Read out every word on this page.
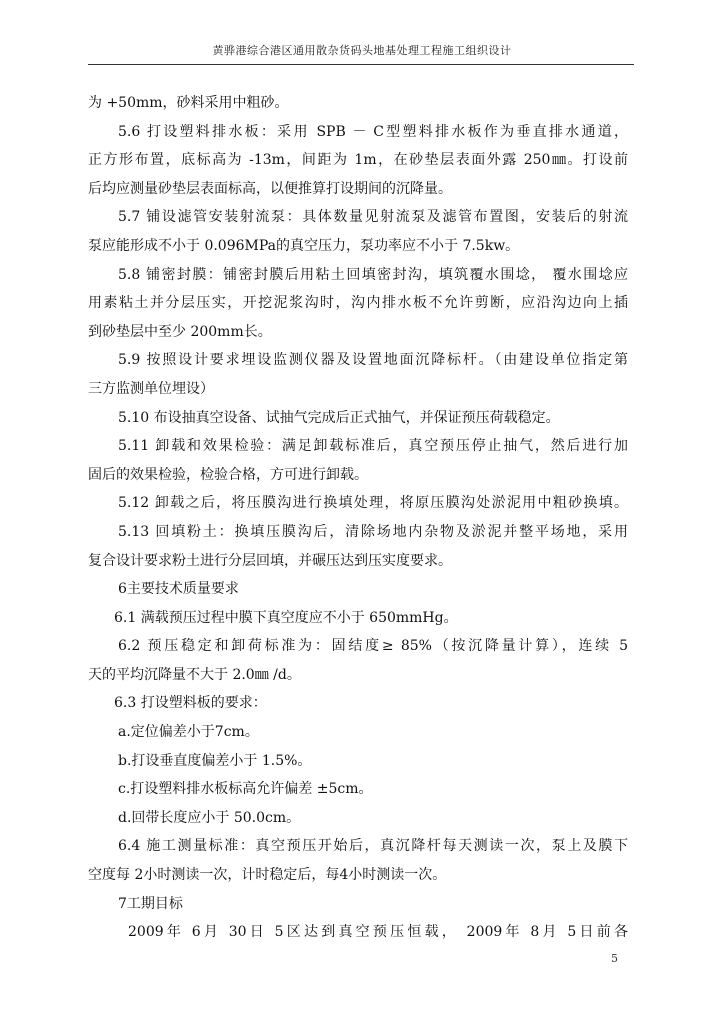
黄骅港综合港区通用散杂货码头地基处理工程施工组织设计
为 +50mm，砂料采用中粗砂。
5.6 打设塑料排水板：采用 SPB － C型塑料排水板作为垂直排水通道，
正方形布置，底标高为 -13m，间距为 1m，在砂垫层表面外露 250㎜。打设前
后均应测量砂垫层表面标高，以便推算打设期间的沉降量。
5.7 铺设滤管安装射流泵：具体数量见射流泵及滤管布置图，安装后的射流
泵应能形成不小于 0.096MPa的真空压力，泵功率应不小于 7.5kw。
5.8 铺密封膜：铺密封膜后用粘土回填密封沟，填筑覆水围埝， 覆水围埝应
用素粘土并分层压实，开挖泥浆沟时，沟内排水板不允许剪断，应沿沟边向上插
到砂垫层中至少 200mm长。
5.9 按照设计要求埋设监测仪器及设置地面沉降标杆。（由建设单位指定第
三方监测单位埋设）
5.10 布设抽真空设备、试抽气完成后正式抽气，并保证预压荷载稳定。
5.11 卸载和效果检验：满足卸载标准后，真空预压停止抽气，然后进行加
固后的效果检验，检验合格，方可进行卸载。
5.12 卸载之后，将压膜沟进行换填处理，将原压膜沟处淤泥用中粗砂换填。
5.13 回填粉土：换填压膜沟后，清除场地内杂物及淤泥并整平场地，采用
复合设计要求粉土进行分层回填，并碾压达到压实度要求。
6主要技术质量要求
6.1 满载预压过程中膜下真空度应不小于 650mmHg。
6.2 预压稳定和卸荷标准为：固结度≥ 85%（按沉降量计算），连续 5
天的平均沉降量不大于 2.0㎜ /d。
6.3 打设塑料板的要求：
a.定位偏差小于7cm。
b.打设垂直度偏差小于 1.5%。
c.打设塑料排水板标高允许偏差 ±5cm。
d.回带长度应小于 50.0cm。
6.4 施工测量标准：真空预压开始后，真沉降杆每天测读一次，泵上及膜下
空度每 2小时测读一次，计时稳定后，每4小时测读一次。
7工期目标
2009年 6月 30日 5区达到真空预压恒载， 2009年 8月 5日前各
5
